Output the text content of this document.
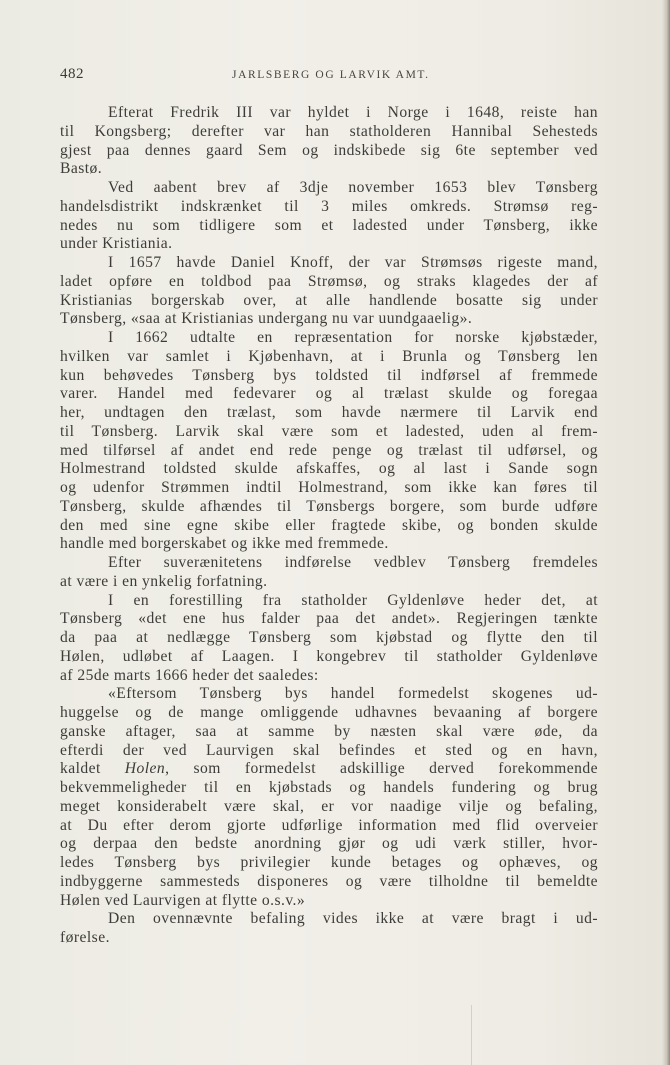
482	JARLSBERG OG LARVIK AMT.
Efterat Fredrik III var hyldet i Norge i 1648, reiste han
til Kongsberg; derefter var han statholderen Hannibal Sehesteds
gjest paa dennes gaard Sem og indskibede sig 6te september ved
Bastø.
Ved aabent brev af 3dje november 1653 blev Tønsberg
handelsdistrikt indskrænket til 3 miles omkreds. Strømsø reg-
nedes nu som tidligere som et ladested under Tønsberg, ikke
under Kristiania.
I 1657 havde Daniel Knoff, der var Strømsøs rigeste mand,
ladet opføre en toldbod paa Strømsø, og straks klagedes der af
Kristianias borgerskab over, at alle handlende bosatte sig under
Tønsberg, «saa at Kristianias undergang nu var uundgaaelig».
I 1662 udtalte en repræsentation for norske kjøbstæder,
hvilken var samlet i Kjøbenhavn, at i Brunla og Tønsberg len
kun behøvedes Tønsberg bys toldsted til indførsel af fremmede
varer. Handel med fedevarer og al trælast skulde og foregaa
her, undtagen den trælast, som havde nærmere til Larvik end
til Tønsberg. Larvik skal være som et ladested, uden al frem-
med tilførsel af andet end rede penge og trælast til udførsel, og
Holmestrand toldsted skulde afskaffes, og al last i Sande sogn
og udenfor Strømmen indtil Holmestrand, som ikke kan føres til
Tønsberg, skulde afhændes til Tønsbergs borgere, som burde udføre
den med sine egne skibe eller fragtede skibe, og bonden skulde
handle med borgerskabet og ikke med fremmede.
Efter suverænitetens indførelse vedblev Tønsberg fremdeles
at være i en ynkelig forfatning.
I en forestilling fra statholder Gyldenløve heder det, at
Tønsberg «det ene hus falder paa det andet». Regjeringen tænkte
da paa at nedlægge Tønsberg som kjøbstad og flytte den til
Hølen, udløbet af Laagen. I kongebrev til statholder Gyldenløve
af 25de marts 1666 heder det saaledes:
«Eftersom Tønsberg bys handel formedelst skogenes ud-
huggelse og de mange omliggende udhavnes bevaaning af borgere
ganske aftager, saa at samme by næsten skal være øde, da
efterdi der ved Laurvigen skal befindes et sted og en havn,
kaldet Holen, som formedelst adskillige derved forekommende
bekvemmeligheder til en kjøbstads og handels fundering og brug
meget konsiderabelt være skal, er vor naadige vilje og befaling,
at Du efter derom gjorte udførlige information med flid overveier
og derpaa den bedste anordning gjør og udi værk stiller, hvor-
ledes Tønsberg bys privilegier kunde betages og ophæves, og
indbyggerne sammesteds disponeres og være tilholdne til bemeldte
Hølen ved Laurvigen at flytte o.s.v.»
Den ovennævnte befaling vides ikke at være bragt i ud-
førelse.
